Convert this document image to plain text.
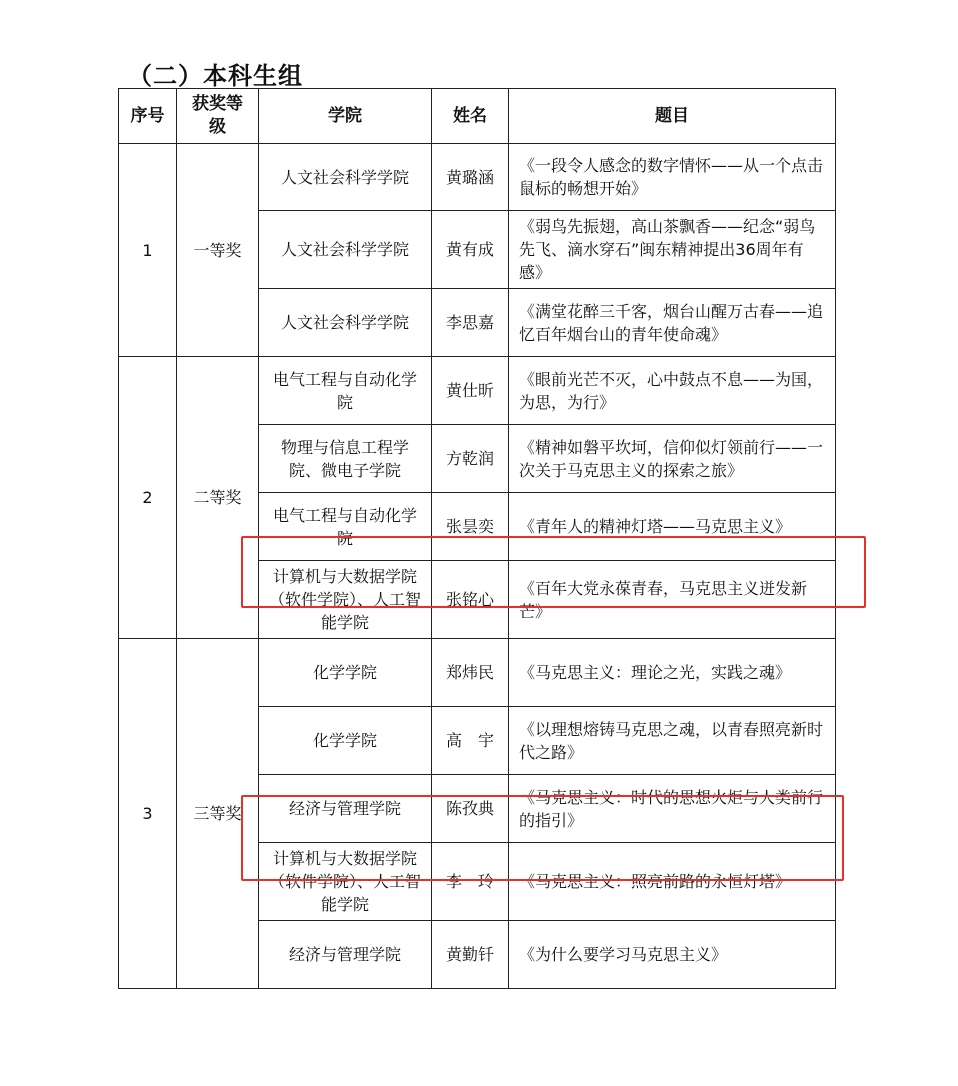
（二）本科生组
序号	获奖等级	学院	姓名	题目
1	一等奖	人文社会科学学院	黄璐涵	《一段令人感念的数字情怀——从一个点击鼠标的畅想开始》
		人文社会科学学院	黄有成	《弱鸟先振翅，高山茶飘香——纪念“弱鸟先飞、滴水穿石”闽东精神提出36周年有感》
		人文社会科学学院	李思嘉	《满堂花醉三千客，烟台山醒万古春——追忆百年烟台山的青年使命魂》
2	二等奖	电气工程与自动化学院	黄仕昕	《眼前光芒不灭，心中鼓点不息——为国，为思，为行》
		物理与信息工程学院、微电子学院	方乾润	《精神如磐平坎坷，信仰似灯领前行——一次关于马克思主义的探索之旅》
		电气工程与自动化学院	张昙奕	《青年人的精神灯塔——马克思主义》
		计算机与大数据学院（软件学院）、人工智能学院	张铭心	《百年大党永葆青春，马克思主义迸发新芒》
3	三等奖	化学学院	郑炜民	《马克思主义：理论之光，实践之魂》
		化学学院	高　宇	《以理想熔铸马克思之魂，以青春照亮新时代之路》
		经济与管理学院	陈孜典	《马克思主义：时代的思想火炬与人类前行的指引》
		计算机与大数据学院（软件学院）、人工智能学院	李　玲	《马克思主义：照亮前路的永恒灯塔》
		经济与管理学院	黄勤钎	《为什么要学习马克思主义》
